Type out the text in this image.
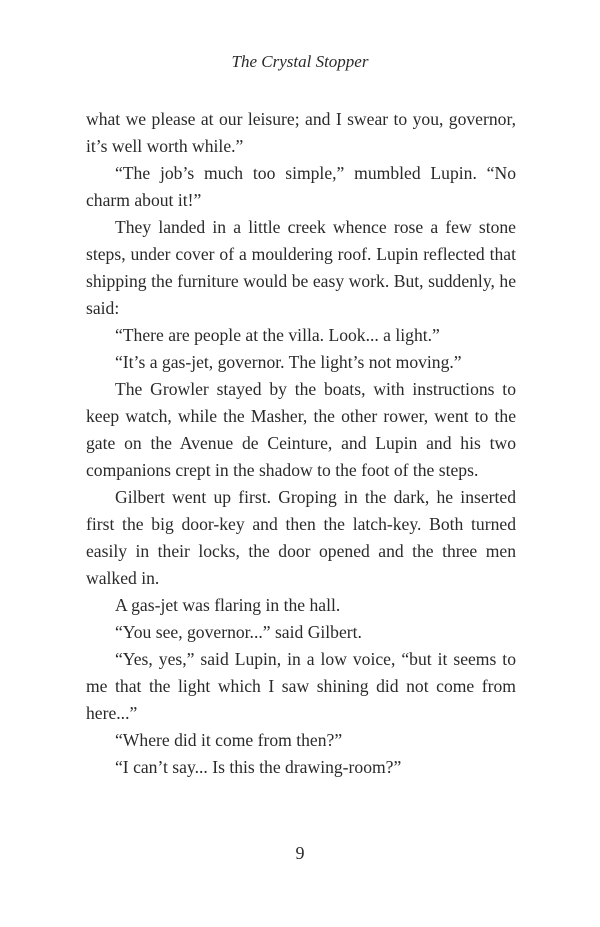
The Crystal Stopper

what we please at our leisure; and I swear to you, governor, it’s well worth while.”

“The job’s much too simple,” mumbled Lupin. “No charm about it!”

They landed in a little creek whence rose a few stone steps, under cover of a mouldering roof. Lupin reflected that shipping the furniture would be easy work. But, suddenly, he said:

“There are people at the villa. Look... a light.”

“It’s a gas-jet, governor. The light’s not moving.”

The Growler stayed by the boats, with instructions to keep watch, while the Masher, the other rower, went to the gate on the Avenue de Ceinture, and Lupin and his two companions crept in the shadow to the foot of the steps.

Gilbert went up first. Groping in the dark, he inserted first the big door-key and then the latch-key. Both turned easily in their locks, the door opened and the three men walked in.

A gas-jet was flaring in the hall.

“You see, governor...” said Gilbert.

“Yes, yes,” said Lupin, in a low voice, “but it seems to me that the light which I saw shining did not come from here...”

“Where did it come from then?”

“I can’t say... Is this the drawing-room?”

9
